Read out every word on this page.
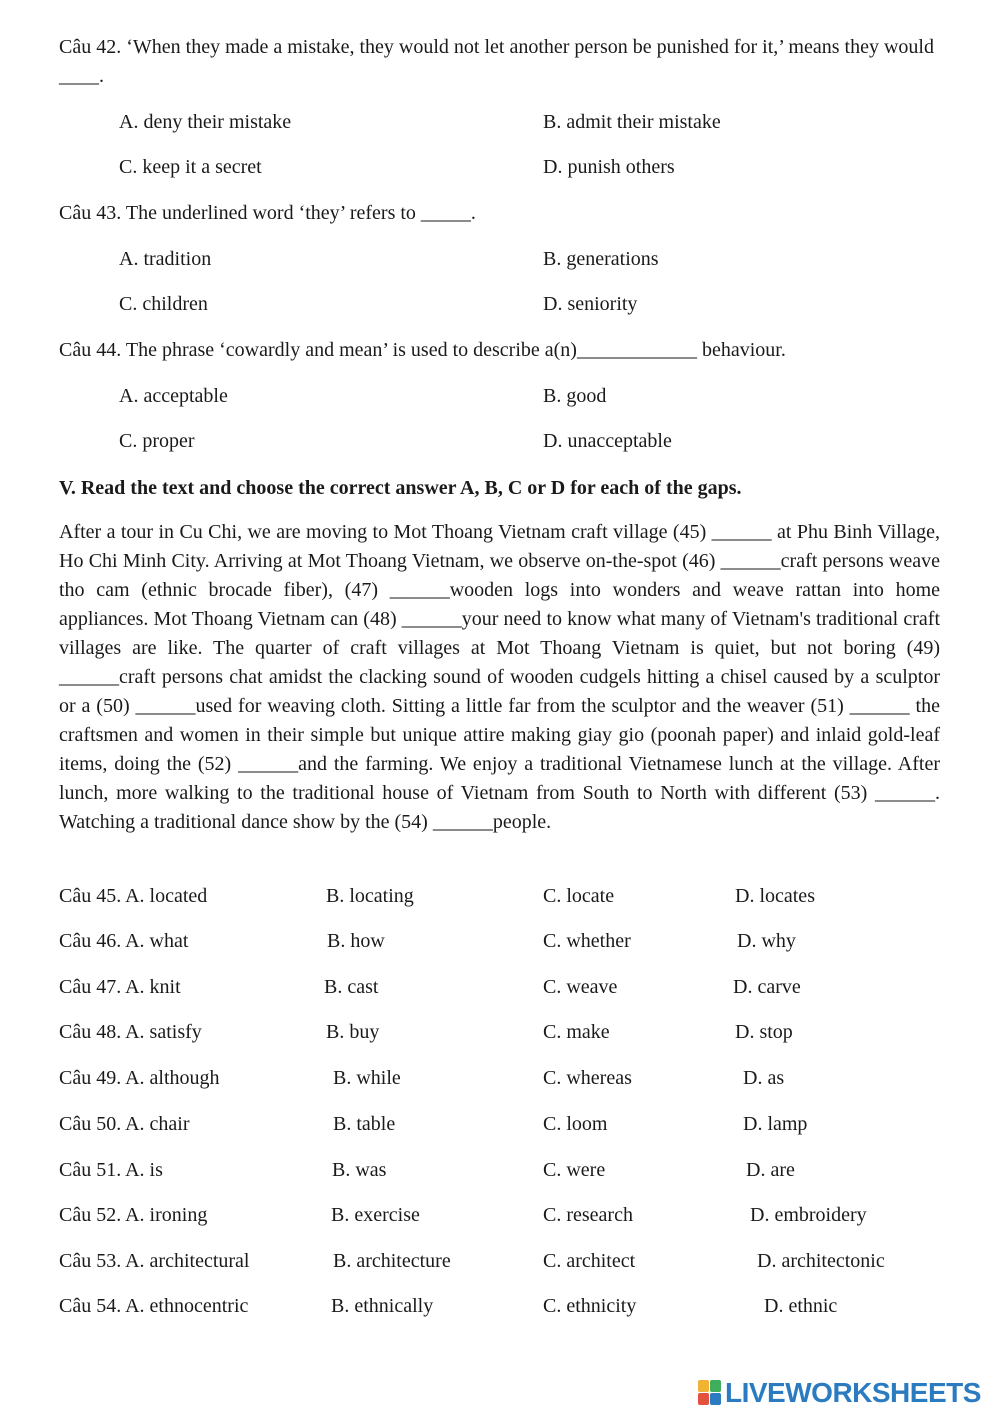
Câu 42. ‘When they made a mistake, they would not let another person be punished for it,’ means they would ____.
A. deny their mistake	B. admit their mistake
C. keep it a secret	D. punish others
Câu 43. The underlined word ‘they’ refers to _____.
A. tradition	B. generations
C. children	D. seniority
Câu 44. The phrase ‘cowardly and mean’ is used to describe a(n)____________ behaviour.
A. acceptable	B. good
C. proper	D. unacceptable
V. Read the text and choose the correct answer A, B, C or D for each of the gaps.
After a tour in Cu Chi, we are moving to Mot Thoang Vietnam craft village (45) ______ at Phu Binh Village, Ho Chi Minh City. Arriving at Mot Thoang Vietnam, we observe on-the-spot (46) ______craft persons weave tho cam (ethnic brocade fiber), (47) ______wooden logs into wonders and weave rattan into home appliances. Mot Thoang Vietnam can (48) ______your need to know what many of Vietnam's traditional craft villages are like. The quarter of craft villages at Mot Thoang Vietnam is quiet, but not boring (49) ______craft persons chat amidst the clacking sound of wooden cudgels hitting a chisel caused by a sculptor or a (50) ______used for weaving cloth. Sitting a little far from the sculptor and the weaver (51) ______ the craftsmen and women in their simple but unique attire making giay gio (poonah paper) and inlaid gold-leaf items, doing the (52) ______and the farming. We enjoy a traditional Vietnamese lunch at the village. After lunch, more walking to the traditional house of Vietnam from South to North with different (53) ______. Watching a traditional dance show by the (54) ______people.
Câu 45. A. located	B. locating	C. locate	D. locates
Câu 46. A. what	B. how	C. whether	D. why
Câu 47. A. knit	B. cast	C. weave	D. carve
Câu 48. A. satisfy	B. buy	C. make	D. stop
Câu 49. A. although	B. while	C. whereas	D. as
Câu 50. A. chair	B. table	C. loom	D. lamp
Câu 51. A. is	B. was	C. were	D. are
Câu 52. A. ironing	B. exercise	C. research	D. embroidery
Câu 53. A. architectural	B. architecture	C. architect	D. architectonic
Câu 54. A. ethnocentric	B. ethnically	C. ethnicity	D. ethnic
LIVEWORKSHEETS
